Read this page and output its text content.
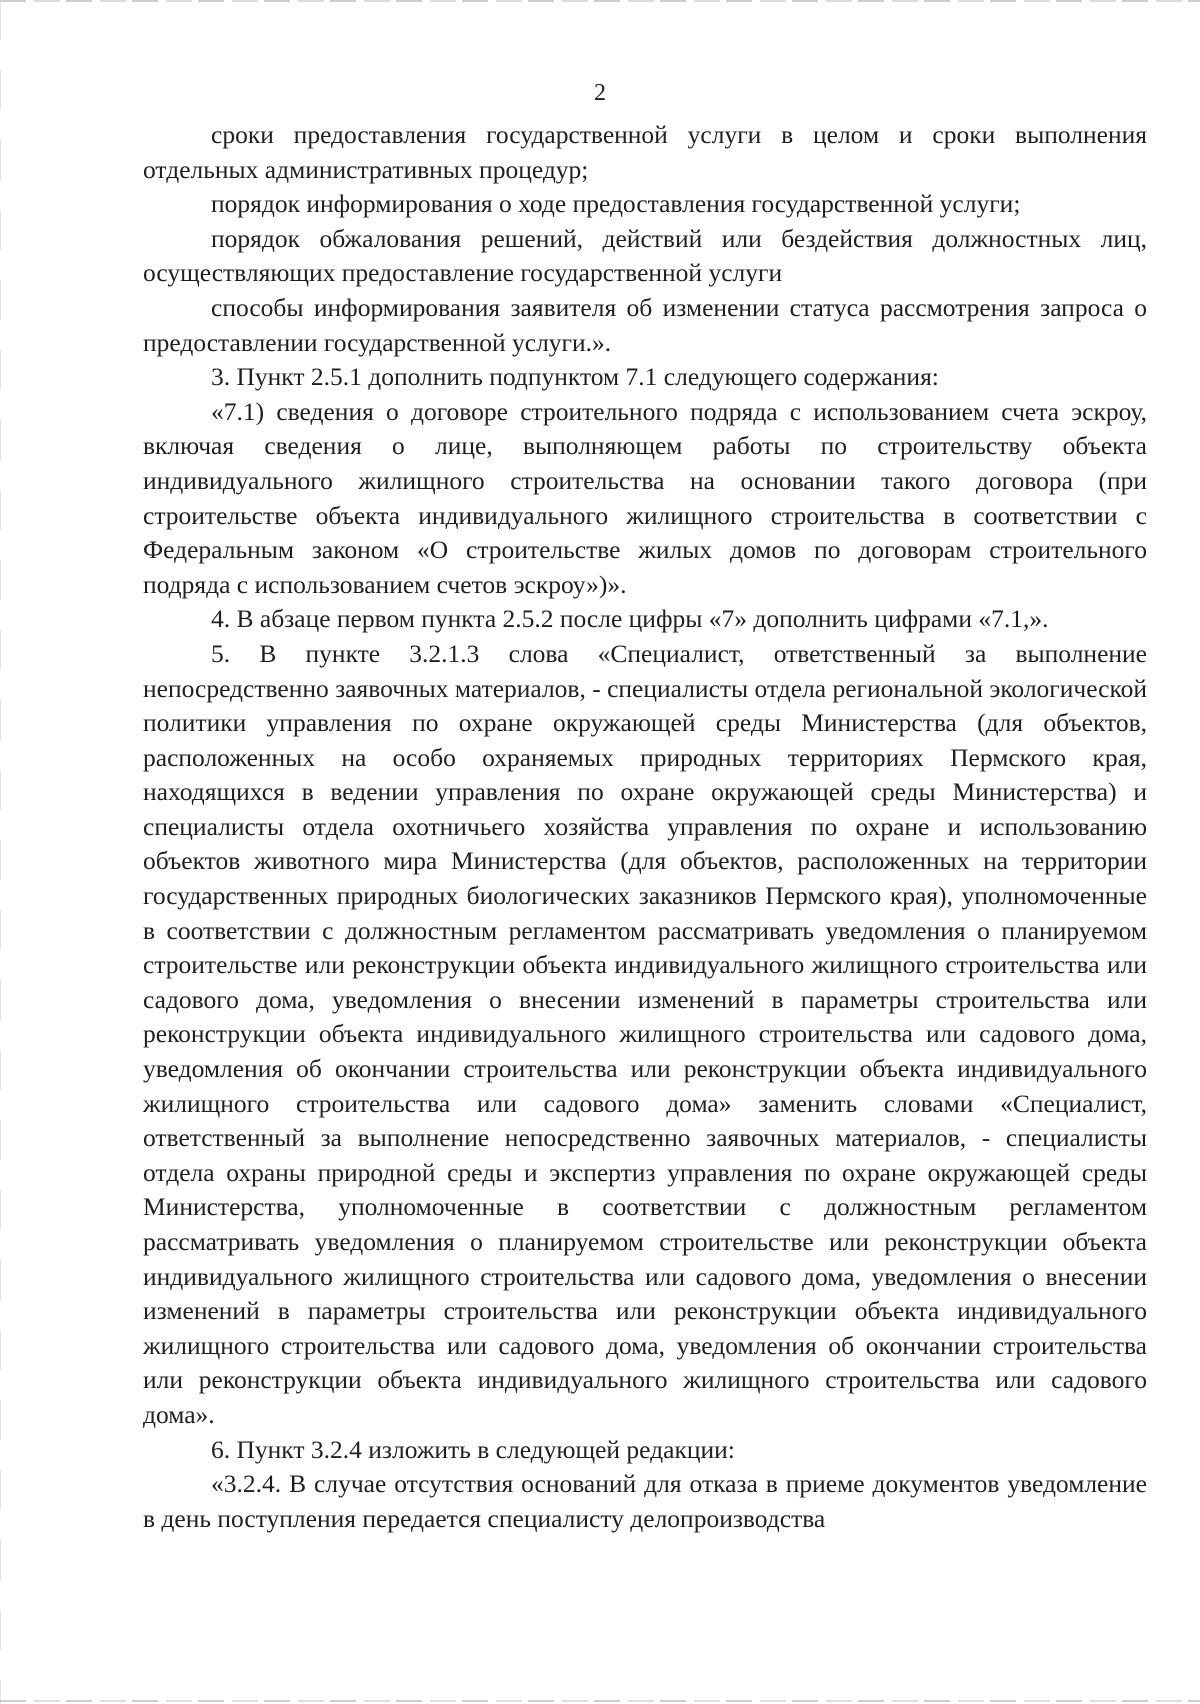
2

сроки предоставления государственной услуги в целом и сроки выполнения отдельных административных процедур;

порядок информирования о ходе предоставления государственной услуги;

порядок обжалования решений, действий или бездействия должностных лиц, осуществляющих предоставление государственной услуги

способы информирования заявителя об изменении статуса рассмотрения запроса о предоставлении государственной услуги.».

3. Пункт 2.5.1 дополнить подпунктом 7.1 следующего содержания:

«7.1) сведения о договоре строительного подряда с использованием счета эскроу, включая сведения о лице, выполняющем работы по строительству объекта индивидуального жилищного строительства на основании такого договора (при строительстве объекта индивидуального жилищного строительства в соответствии с Федеральным законом «О строительстве жилых домов по договорам строительного подряда с использованием счетов эскроу»)».

4. В абзаце первом пункта 2.5.2 после цифры «7» дополнить цифрами «7.1,».

5. В пункте 3.2.1.3 слова «Специалист, ответственный за выполнение непосредственно заявочных материалов, - специалисты отдела региональной экологической политики управления по охране окружающей среды Министерства (для объектов, расположенных на особо охраняемых природных территориях Пермского края, находящихся в ведении управления по охране окружающей среды Министерства) и специалисты отдела охотничьего хозяйства управления по охране и использованию объектов животного мира Министерства (для объектов, расположенных на территории государственных природных биологических заказников Пермского края), уполномоченные в соответствии с должностным регламентом рассматривать уведомления о планируемом строительстве или реконструкции объекта индивидуального жилищного строительства или садового дома, уведомления о внесении изменений в параметры строительства или реконструкции объекта индивидуального жилищного строительства или садового дома, уведомления об окончании строительства или реконструкции объекта индивидуального жилищного строительства или садового дома» заменить словами «Специалист, ответственный за выполнение непосредственно заявочных материалов, - специалисты отдела охраны природной среды и экспертиз управления по охране окружающей среды Министерства, уполномоченные в соответствии с должностным регламентом рассматривать уведомления о планируемом строительстве или реконструкции объекта индивидуального жилищного строительства или садового дома, уведомления о внесении изменений в параметры строительства или реконструкции объекта индивидуального жилищного строительства или садового дома, уведомления об окончании строительства или реконструкции объекта индивидуального жилищного строительства или садового дома».

6. Пункт 3.2.4 изложить в следующей редакции:

«3.2.4. В случае отсутствия оснований для отказа в приеме документов уведомление в день поступления передается специалисту делопроизводства
